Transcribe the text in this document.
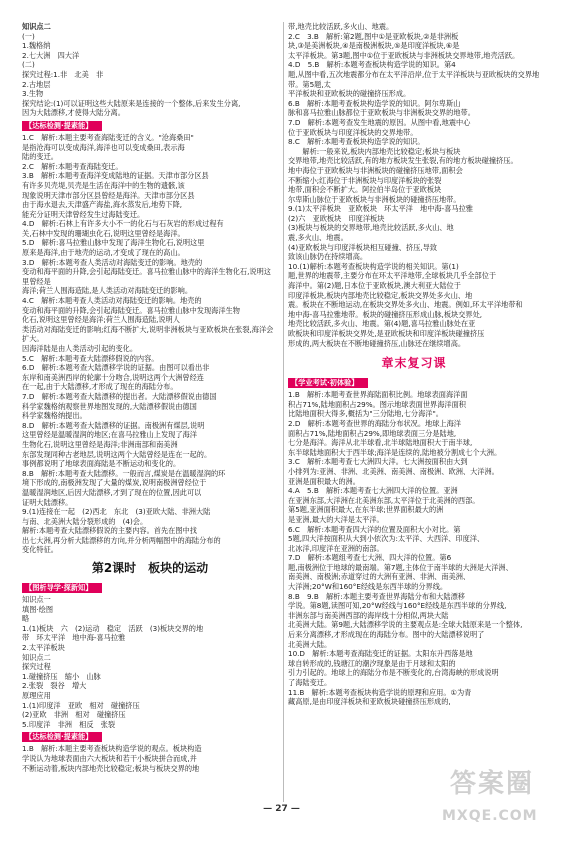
知识点二

(一)

1.魏格纳

2.七大洲　四大洋

(二)

探究过程:1.非　北美　非

2.古地层

3.生物

探究结论:(1)可以证明这些大陆原来是连接的一个整体,后来发生分离,

因为大陆漂移,才使得大陆分离。

【达标检测·提素能】

1.C　解析:本题主要考查海陆变迁的含义。"沧海桑田"

是指沧海可以变成海洋,海洋也可以变成桑田,表示海

陆的变迁。

2.C　解析:本题考查海陆变迁。

3.B　解析:本题考查海洋变成陆地的证据。天津市部分区县

有许多贝壳堤,贝壳是生活在海洋中的生物的遗骸,该

现象说明天津市部分区县曾经是海洋。天津市部分区县

由于海水退去,天津盛产海盐,海水蒸发后,地势下降,

能充分证明天津曾经发生过海陆变迁。

4.D　解析:石林上有许多大小不一的化石与石灰岩的形成过程有

关,石林中发现的珊瑚虫化石,说明这里曾经是海洋。

5.D　解析:喜马拉雅山脉中发现了海洋生物化石,说明这里

原来是海洋,由于地壳的运动,才变成了现在的高山。

3.D　解析:本题考查人类活动对海陆变迁的影响。地壳的

变动和海平面的升降,会引起海陆变迁。喜马拉雅山脉中的海洋生物化石,说明这里曾经是

海洋;荷兰人围海造陆,是人类活动对海陆变迁的影响。

4.C　解析:本题考查人类活动对海陆变迁的影响。地壳的

变动和海平面的升降,会引起海陆变迁。喜马拉雅山脉中发现海洋生物

化石,说明这里曾经是海洋;荷兰人围海造陆,说明人

类活动对海陆变迁的影响;红海不断扩大,说明非洲板块与亚欧板块在张裂,海洋会扩大。

因海洋陆是由人类活动引起的变化。

5.C　解析:本题考查大陆漂移假说的内容。

6.D　解析:本题考查大陆漂移学说的证据。由图可以看出非

东岸和南美洲西岸的轮廓十分吻合,说明这两个大洲曾经连

在一起,由于大陆漂移,才形成了现在的海陆分布。

7.D　解析:本题考查大陆漂移的提出者。大陆漂移假说由德国

科学家魏格纳观察世界地图发现的,大陆漂移假说由德国

科学家魏格纳提出。

8.D　解析:本题考查大陆漂移的证据。南极洲有煤层,说明

这里曾经是温暖湿润的地区;在喜马拉雅山上发现了海洋

生物化石,说明这里曾经是海洋;非洲南部和南美洲

东部发现同种古老地层,说明这两个大陆曾经是连在一起的。

事例都说明了地球表面海陆是不断运动和变化的。

8.B　解析:本题考查大陆漂移。一般而言,煤炭是在温暖湿润的环

境下形成的,南极洲发现了大量的煤炭,说明南极洲曾经位于

温暖湿润地区,后因大陆漂移,才到了现在的位置,因此可以

证明大陆漂移。

9.(1)连接在一起　(2)西北　东北　(3)亚欧大陆、非洲大陆

与南、北美洲大陆分裂形成的　(4)会。

解析:本题考查大陆漂移假说的主要内容。首先在图中找

出七大洲,再分析大陆漂移的方向,并分析两幅图中的海陆分布的

变化特征。

第2课时　板块的运动

【图析导学·探新知】

知识点一

填图·绘图

略

1.(1)板块　六　(2)运动　稳定　活跃　(3)板块交界的地

带　环太平洋　地中海-喜马拉雅

2.太平洋板块

知识点二

探究过程

1.碰撞挤压　缩小　山脉

2.张裂　裂谷　增大

原理应用

1.(1)印度洋　亚欧　相对　碰撞挤压

(2)亚欧　非洲　相对　碰撞挤压

5.印度洋　非洲　相反　张裂

【达标检测·提素能】

1.B　解析:本题主要考查板块构造学说的观点。板块构造

学说认为地球表面由六大板块和若干小板块拼合而成,并

不断运动着,板块内部地壳比较稳定;板块与板块交界的地

带,地壳比较活跃,多火山、地震。

2.C　3.B　解析:第2题,图中①是亚欧板块,②是非洲板

块,③是美洲板块,④是南极洲板块,⑤是印度洋板块,⑥是

太平洋板块。第3题,图中①位于亚欧板块与非洲板块交界地带,地壳活跃。

4.D　5.B　解析:本题考查板块构造学说的知识。第4

题,从图中看,五次地震都分布在太平洋沿岸,位于太平洋板块与亚欧板块的交界地带。第5题,太

平洋板块和亚欧板块的碰撞挤压形成。

6.B　解析:本题考查板块构造学说的知识。阿尔卑斯山

脉和喜马拉雅山脉都位于亚欧板块与非洲板块交界的地带。

7.D　解析:本题考查发生地震的原因。从图中看,地震中心

位于亚欧板块与印度洋板块的交界地带。

8.C　解析:本题考查板块构造学说的知识。

　　解析:一般来说,板块内部地壳比较稳定;板块与板块

交界地带,地壳比较活跃,有的地方板块发生张裂,有的地方板块碰撞挤压。

地中海位于亚欧板块与非洲板块的碰撞挤压地带,面积会

不断缩小;红海位于非洲板块与印度洋板块的张裂

地带,面积会不断扩大。阿拉伯半岛位于亚欧板块

尔卑斯山脉位于亚欧板块与非洲板块的碰撞挤压地带。

9.(1)太平洋板块　亚欧板块　环太平洋　地中海-喜马拉雅

(2)六　亚欧板块　印度洋板块

(3)板块与板块的交界地带,地壳比较活跃,多火山、地

震,多火山、地震。

(4)亚欧板块与印度洋板块相互碰撞、挤压,导致

致该山脉仍在持续增高。

10.(1)解析:本题考查板块构造学说的相关知识。第(1)

题,世界的地震带,主要分布在环太平洋地带,全球板块几乎全部位于

海洋中。第(2)题,日本位于亚欧板块,澳大利亚大陆位于

印度洋板块,板块内部地壳比较稳定,板块交界处多火山、地

震。板块在不断地运动,在板块交界处多火山、地震。例如,环太平洋地带和

地中海-喜马拉雅地带。板块的碰撞挤压形成山脉,板块交界处,

地壳比较活跃,多火山、地震。第(4)题,喜马拉雅山脉处在亚

欧板块和印度洋板块交界处,是亚欧板块和印度洋板块碰撞挤压

形成的,两大板块在不断地碰撞挤压,山脉还在继续增高。

章末复习课

【学业考试·初体验】

1.B　解析:本题考查世界海陆面积比例。地球表面海洋面

积占71%,陆地面积占29%。图示地球表面世界海洋面积

比陆地面积大得多,概括为"三分陆地,七分海洋"。

2.D　解析:本题考查世界的海陆分布状况。地球上海洋

面积占71%,陆地面积占29%,即地球表面三分是陆地,

七分是海洋。海洋从北半球看,北半球陆地面积大于南半球,

东半球陆地面积大于西半球;海洋是连续的,陆地被分割成七个大洲。

3.C　解析:本题考查七大洲四大洋。七大洲按面积由大到

小排列为:亚洲、非洲、北美洲、南美洲、南极洲、欧洲、大洋洲。

亚洲是面积最大的洲。

4.A　5.B　解析:本题考查七大洲四大洋的位置。亚洲

在亚洲东部,大洋洲在北美洲东部,太平洋位于北美洲的西部。

第5题,亚洲面积最大,在东半球;世界面积最大的洲

是亚洲,最大的大洋是太平洋。

6.C　解析:本题考查四大洋的位置及面积大小对比。第

5题,四大洋按面积从大到小依次为:太平洋、大西洋、印度洋、

北冰洋,印度洋在亚洲的南部。

7.D　解析:本题组考查七大洲、四大洋的位置。第6

题,南极洲位于地球的最南端。第7题,主体位于南半球的大洲是大洋洲、

南美洲、南极洲;赤道穿过的大洲有亚洲、非洲、南美洲、

大洋洲;20°W和160°E经线是东西半球的分界线。

8.B　9.B　解析:本题主要考查世界海陆分布和大陆漂移

学说。第8题,读图可知,20°W经线与160°E经线是东西半球的分界线,

非洲东部与南美洲西部的海岸线十分相似,两块大陆

北美洲大陆。第9题,大陆漂移学说的主要观点是:全球大陆原来是一个整体,

后来分离漂移,才形成现在的海陆分布。图中的大陆漂移说明了

北美洲大陆。

10.D　解析:本题考查海陆变迁的证据。太阳东升西落是地

球自转形成的,钱塘江的潮汐现象是由于月球和太阳的

引力引起的。地球上的海陆分布是不断变化的,台湾海峡的形成说明

了海陆变迁。

11.B　解析:本题考查板块构造学说的原理和应用。①为青

藏高原,是由印度洋板块和亚欧板块碰撞挤压形成的,

— 27 —
答案圈
MXQE.COM
